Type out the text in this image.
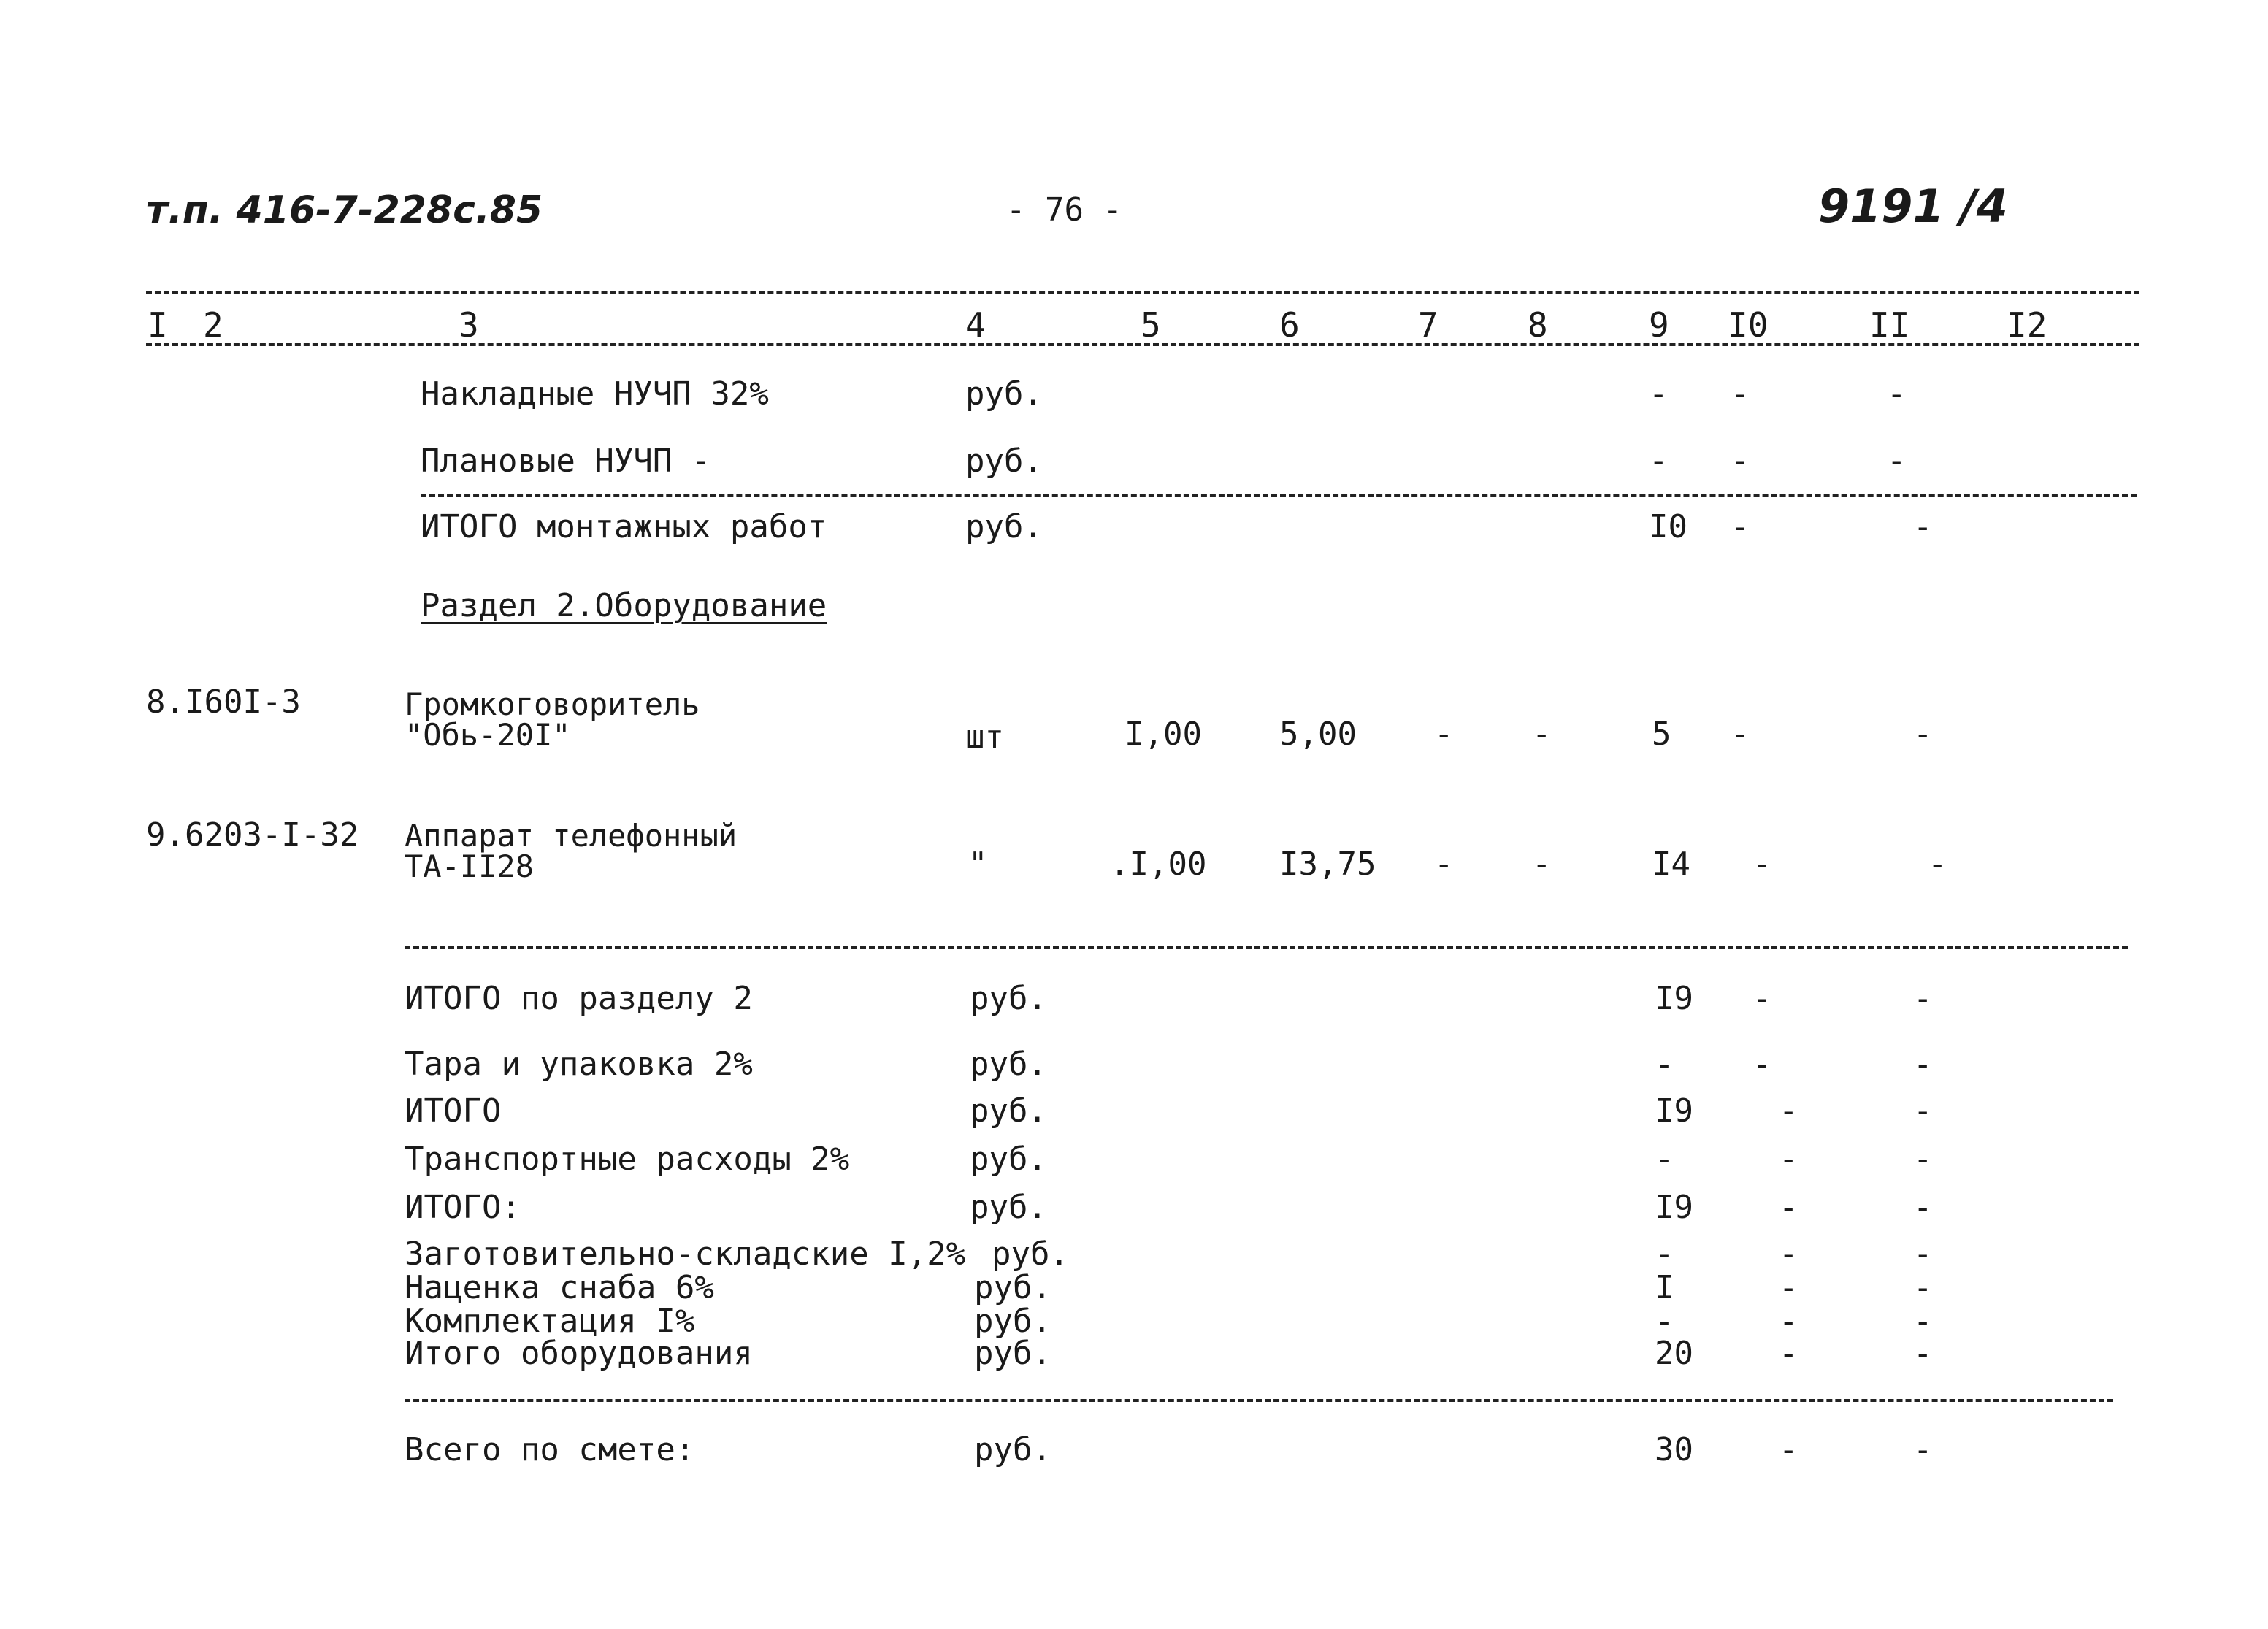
т.п. 416-7-228с.85	- 76 -	9191 /4
I 2	3	4	5	6	7	8	9 I0	II	I2
Накладные НУЧП 32%	руб.	- -	-
Плановые НУЧП -	руб.	- -	-
ИТОГО монтажных работ	руб.	I0 -	-
Раздел 2.Оборудование
8.I60I-3	Громкоговоритель
"Обь-20I"	шт	I,00 5,00 - -	5 -	-
9.6203-I-32 Аппарат телефонный
ТА-II28	"	.I,00 I3,75 - -	I4 -	-
ИТОГО по разделу 2	руб.	I9 -	-
Тара и упаковка 2%	руб.	- -	-
ИТОГО	руб.	I9	-	-
Транспортные расходы 2%	руб.	-	-	-
ИТОГО:	руб.	I9	-	-
Заготовительно-складские I,2% руб.	-	-	-
Наценка снаба 6%	руб.	I	-	-
Комплектация I%	руб.	-	-	-
Итого оборудования	руб.	20	-	-
Всего по смете:	руб.	30	-	-
